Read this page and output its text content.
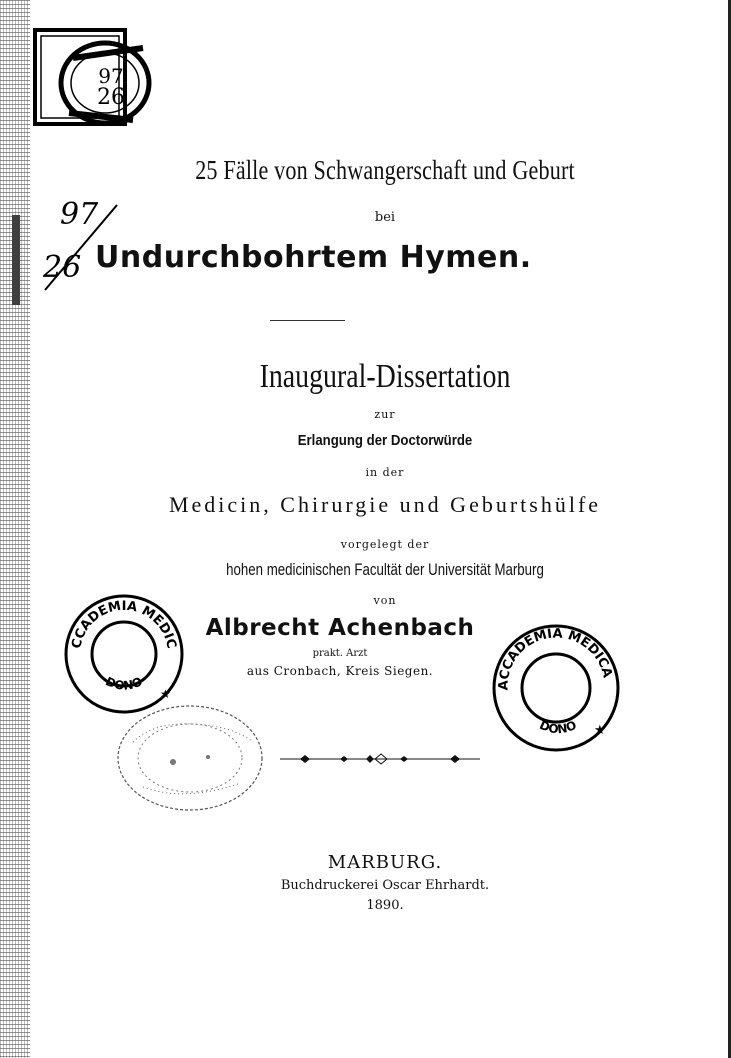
97
26
97
26
25 Fälle von Schwangerschaft und Geburt
bei
Undurchbohrtem Hymen.
Inaugural-Dissertation
zur
Erlangung der Doctorwürde
in der
Medicin, Chirurgie und Geburtshülfe
vorgelegt der
hohen medicinischen Facultät der Universität Marburg
von
Albrecht Achenbach
prakt. Arzt
aus Cronbach, Kreis Siegen.
CCADEMIA MEDIC
DONO
★
ACCADEMIA MEDICA
DONO ★
MARBURG.
Buchdruckerei Oscar Ehrhardt.
1890.
